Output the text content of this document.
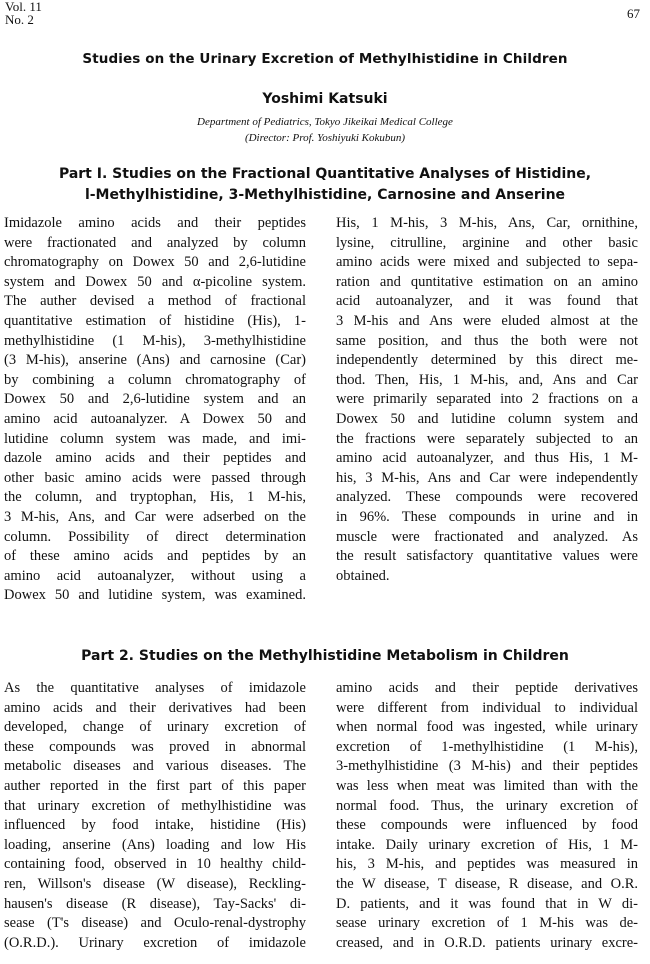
Vol. 11
No. 2	67
Studies on the Urinary Excretion of Methylhistidine in Children
Yoshimi Katsuki
Department of Pediatrics, Tokyo Jikeikai Medical College
(Director: Prof. Yoshiyuki Kokubun)
Part I. Studies on the Fractional Quantitative Analyses of Histidine,
l-Methylhistidine, 3-Methylhistidine, Carnosine and Anserine

Imidazole amino acids and their peptides

were fractionated and analyzed by column

chromatography on Dowex 50 and 2,6-lutidine

system and Dowex 50 and α-picoline system.

The auther devised a method of fractional

quantitative estimation of histidine (His), 1-

methylhistidine (1 M-his), 3-methylhistidine

(3 M-his), anserine (Ans) and carnosine (Car)

by combining a column chromatography of

Dowex 50 and 2,6-lutidine system and an

amino acid autoanalyzer. A Dowex 50 and

lutidine column system was made, and imi-

dazole amino acids and their peptides and

other basic amino acids were passed through

the column, and tryptophan, His, 1 M-his,

3 M-his, Ans, and Car were adserbed on the

column. Possibility of direct determination

of these amino acids and peptides by an

amino acid autoanalyzer, without using a

Dowex 50 and lutidine system, was examined.

His, 1 M-his, 3 M-his, Ans, Car, ornithine,

lysine, citrulline, arginine and other basic

amino acids were mixed and subjected to sepa-

ration and quntitative estimation on an amino

acid autoanalyzer, and it was found that

3 M-his and Ans were eluded almost at the

same position, and thus the both were not

independently determined by this direct me-

thod. Then, His, 1 M-his, and, Ans and Car

were primarily separated into 2 fractions on a

Dowex 50 and lutidine column system and

the fractions were separately subjected to an

amino acid autoanalyzer, and thus His, 1 M-

his, 3 M-his, Ans and Car were independently

analyzed. These compounds were recovered

in 96%. These compounds in urine and in

muscle were fractionated and analyzed. As

the result satisfactory quantitative values were

obtained.

Part 2. Studies on the Methylhistidine Metabolism in Children

As the quantitative analyses of imidazole

amino acids and their derivatives had been

developed, change of urinary excretion of

these compounds was proved in abnormal

metabolic diseases and various diseases. The

auther reported in the first part of this paper

that urinary excretion of methylhistidine was

influenced by food intake, histidine (His)

loading, anserine (Ans) loading and low His

containing food, observed in 10 healthy child-

ren, Willson's disease (W disease), Reckling-

hausen's disease (R disease), Tay-Sacks' di-

sease (T's disease) and Oculo-renal-dystrophy

(O.R.D.). Urinary excretion of imidazole

amino acids and their peptide derivatives

were different from individual to individual

when normal food was ingested, while urinary

excretion of 1-methylhistidine (1 M-his),

3-methylhistidine (3 M-his) and their peptides

was less when meat was limited than with the

normal food. Thus, the urinary excretion of

these compounds were influenced by food

intake. Daily urinary excretion of His, 1 M-

his, 3 M-his, and peptides was measured in

the W disease, T disease, R disease, and O.R.

D. patients, and it was found that in W di-

sease urinary excretion of 1 M-his was de-

creased, and in O.R.D. patients urinary excre-
